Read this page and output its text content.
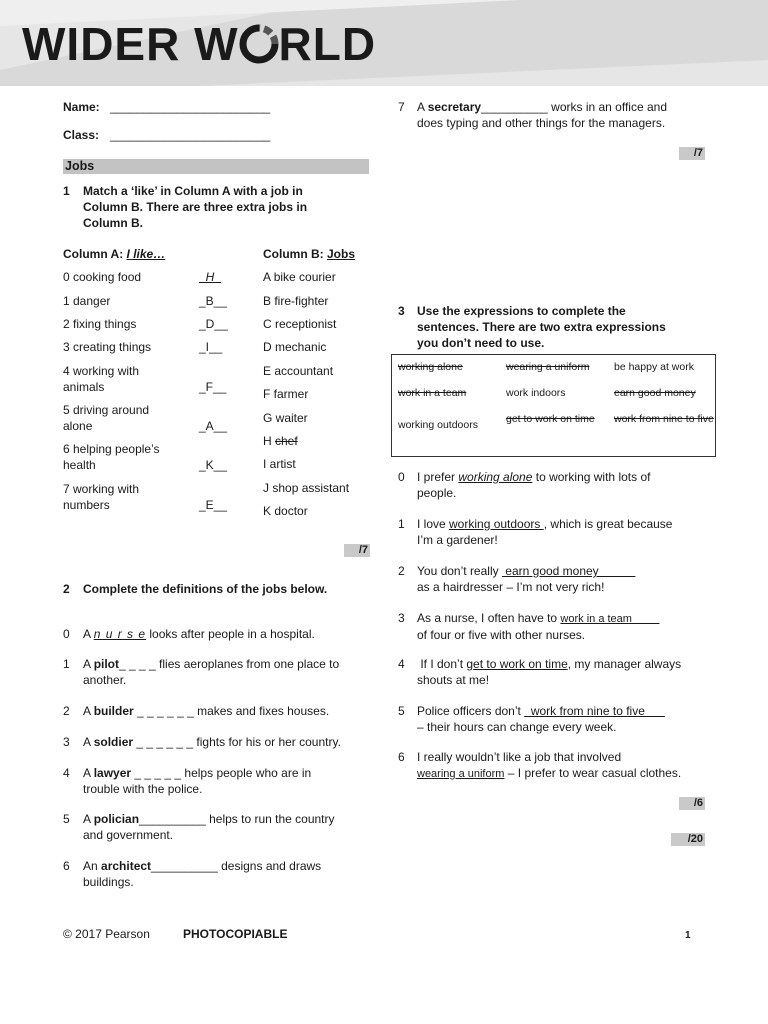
WIDER W RLD
Name: ________________________
Class: ________________________
Jobs
1 Match a ‘like’ in Column A with a job in
Column B. There are three extra jobs in
Column B.
Column A: I like…	Column B: Jobs
0 cooking food	H
1 danger	_B__
2 fixing things	_D__
3 creating things	_I__
4 working with
animals	_F__
5 driving around
alone	_A__
6 helping people’s
health	_K__
7 working with
numbers	_E__
A bike courier
B fire-fighter
C receptionist
D mechanic
E accountant
F farmer
G waiter
H chef
I artist
J shop assistant
K doctor
/7
2 Complete the definitions of the jobs below.
0 A n u r s e looks after people in a hospital.
1 A pilot_ _ _ _ flies aeroplanes from one place to
another.
2 A builder _ _ _ _ _ _ makes and fixes houses.
3 A soldier _ _ _ _ _ _ fights for his or her country.
4 A lawyer _ _ _ _ _ helps people who are in
trouble with the police.
5 A polician__________ helps to run the country
and government.
6 An architect__________ designs and draws
buildings.
7 A secretary__________ works in an office and
does typing and other things for the managers.
/7
3 Use the expressions to complete the
sentences. There are two extra expressions
you don’t need to use.
working alone	wearing a uniform	be happy at work
work in a team	work indoors	earn good money
working outdoors	get to work on time	work from nine to five
0 I prefer working alone to working with lots of
people.
1 I love working outdoors , which is great because
I’m a gardener!
2 You don’t really  earn good money
as a hairdresser – I’m not very rich!
3 As a nurse, I often have to work in a team
of four or five with other nurses.
4 If I don’t get to work on time, my manager always
shouts at me!
5 Police officers don’t   work from nine to five
– their hours can change every week.
6 I really wouldn’t like a job that involved
wearing a uniform – I prefer to wear casual clothes.
/6
/20
© 2017 Pearson	PHOTOCOPIABLE	1
